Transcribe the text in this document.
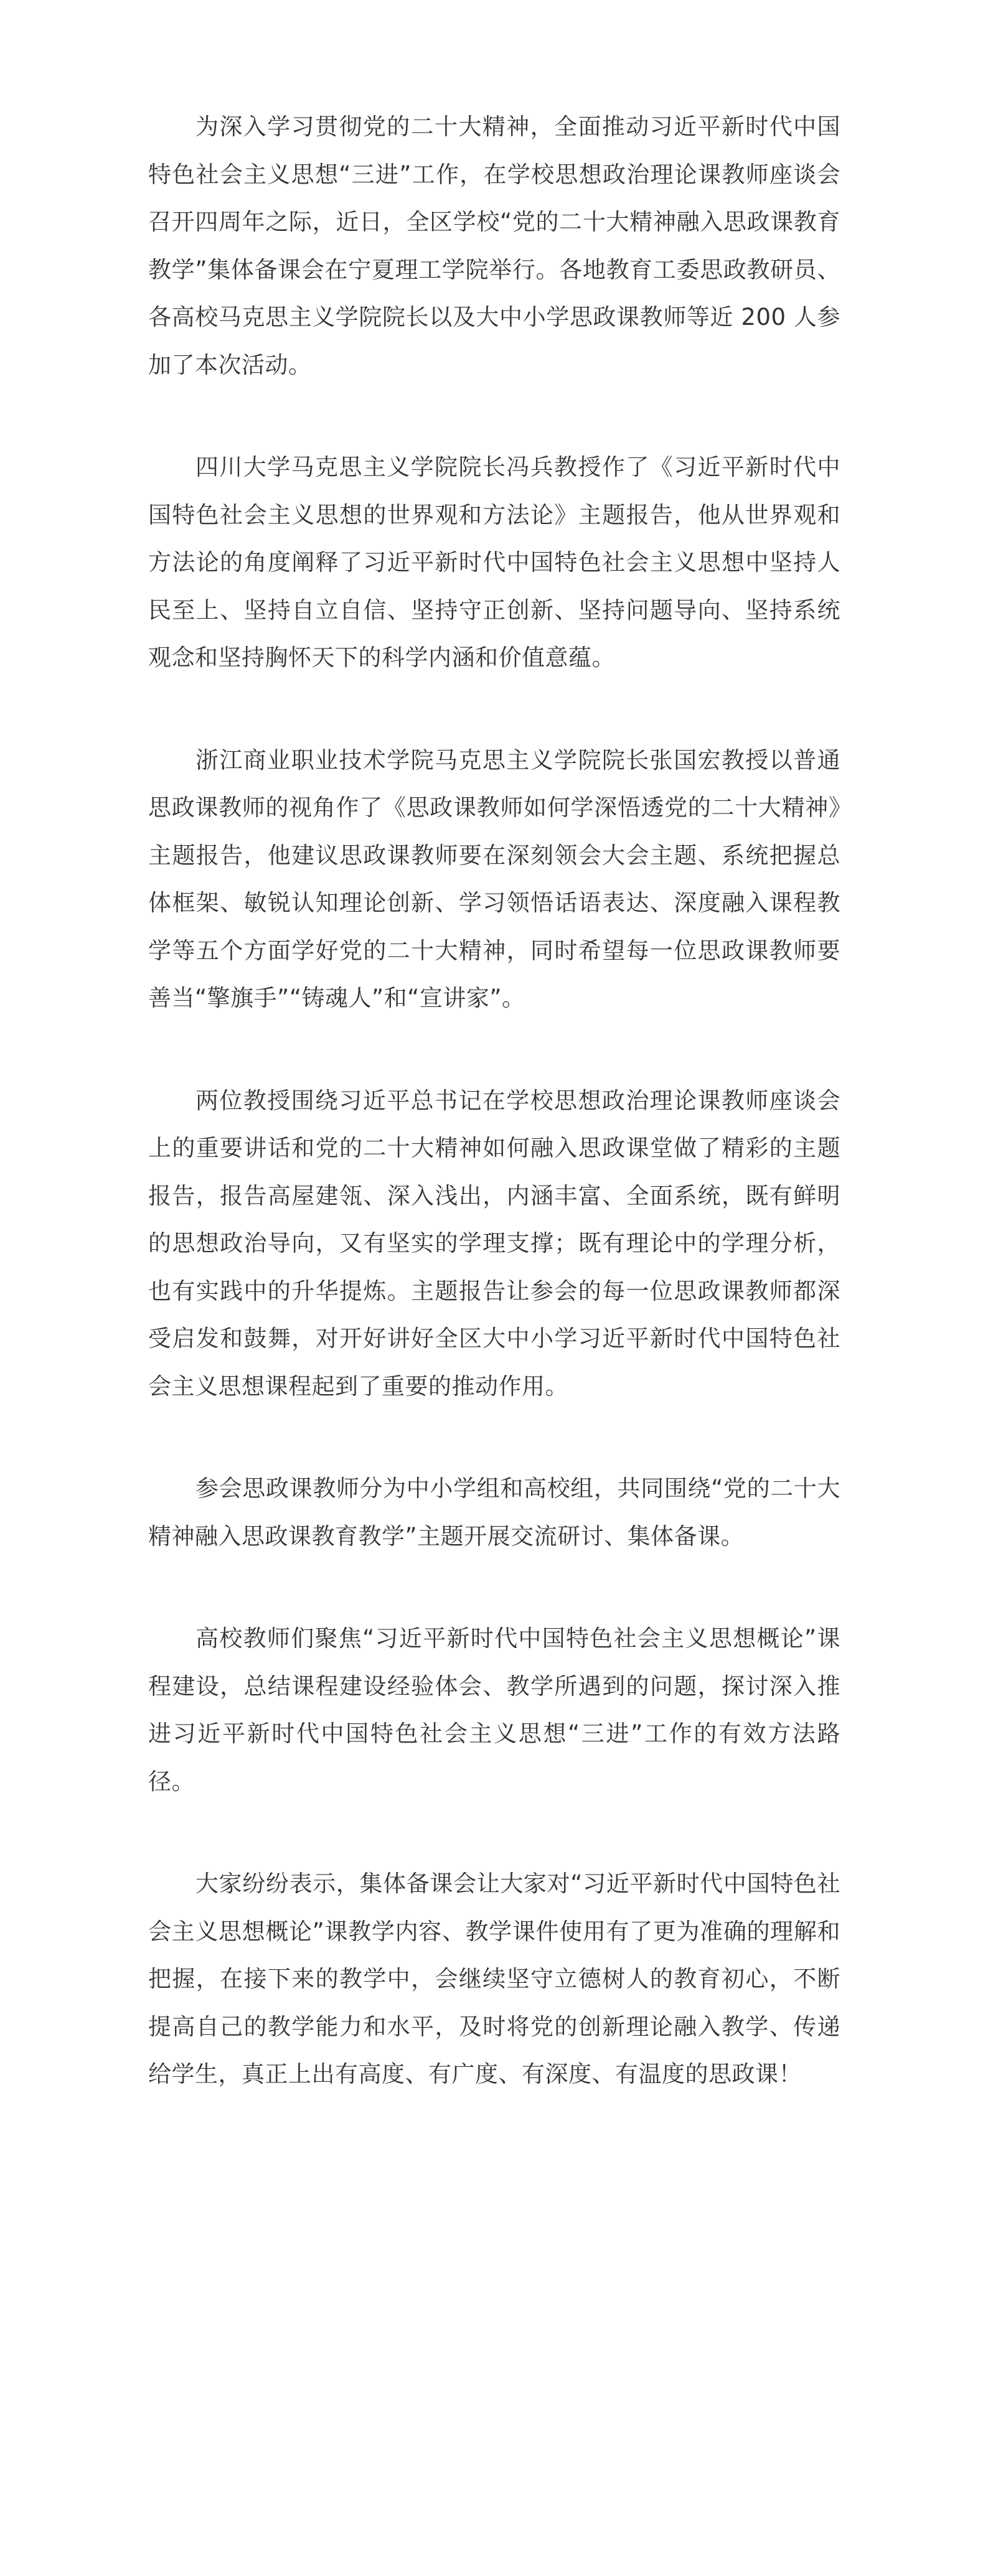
为深入学习贯彻党的二十大精神，全面推动习近平新时代中国特色社会主义思想“三进”工作，在学校思想政治理论课教师座谈会召开四周年之际，近日，全区学校“党的二十大精神融入思政课教育教学”集体备课会在宁夏理工学院举行。各地教育工委思政教研员、各高校马克思主义学院院长以及大中小学思政课教师等近 200 人参加了本次活动。

四川大学马克思主义学院院长冯兵教授作了《习近平新时代中国特色社会主义思想的世界观和方法论》主题报告，他从世界观和方法论的角度阐释了习近平新时代中国特色社会主义思想中坚持人民至上、坚持自立自信、坚持守正创新、坚持问题导向、坚持系统观念和坚持胸怀天下的科学内涵和价值意蕴。

浙江商业职业技术学院马克思主义学院院长张国宏教授以普通思政课教师的视角作了《思政课教师如何学深悟透党的二十大精神》主题报告，他建议思政课教师要在深刻领会大会主题、系统把握总体框架、敏锐认知理论创新、学习领悟话语表达、深度融入课程教学等五个方面学好党的二十大精神，同时希望每一位思政课教师要善当“擎旗手”“铸魂人”和“宣讲家”。

两位教授围绕习近平总书记在学校思想政治理论课教师座谈会上的重要讲话和党的二十大精神如何融入思政课堂做了精彩的主题报告，报告高屋建瓴、深入浅出，内涵丰富、全面系统，既有鲜明的思想政治导向，又有坚实的学理支撑；既有理论中的学理分析，也有实践中的升华提炼。主题报告让参会的每一位思政课教师都深受启发和鼓舞，对开好讲好全区大中小学习近平新时代中国特色社会主义思想课程起到了重要的推动作用。

参会思政课教师分为中小学组和高校组，共同围绕“党的二十大精神融入思政课教育教学”主题开展交流研讨、集体备课。

高校教师们聚焦“习近平新时代中国特色社会主义思想概论”课程建设，总结课程建设经验体会、教学所遇到的问题，探讨深入推进习近平新时代中国特色社会主义思想“三进”工作的有效方法路径。

大家纷纷表示，集体备课会让大家对“习近平新时代中国特色社会主义思想概论”课教学内容、教学课件使用有了更为准确的理解和把握，在接下来的教学中，会继续坚守立德树人的教育初心，不断提高自己的教学能力和水平，及时将党的创新理论融入教学、传递给学生，真正上出有高度、有广度、有深度、有温度的思政课！
